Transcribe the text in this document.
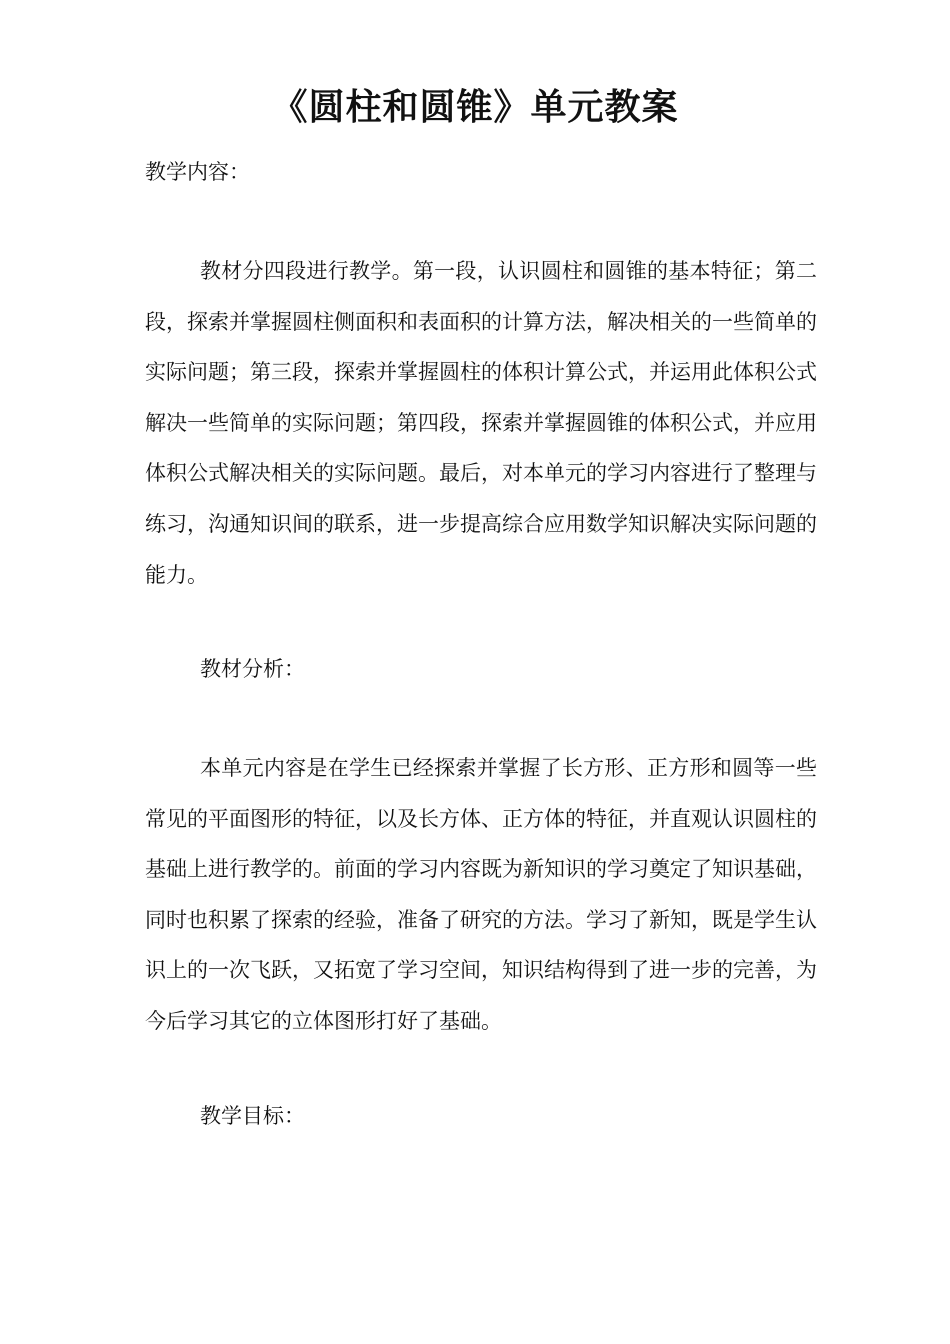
《圆柱和圆锥》单元教案
教学内容：

教材分四段进行教学。第一段，认识圆柱和圆锥的基本特征；第二段，探索并掌握圆柱侧面积和表面积的计算方法，解决相关的一些简单的实际问题；第三段，探索并掌握圆柱的体积计算公式，并运用此体积公式解决一些简单的实际问题；第四段，探索并掌握圆锥的体积公式，并应用体积公式解决相关的实际问题。最后，对本单元的学习内容进行了整理与练习，沟通知识间的联系，进一步提高综合应用数学知识解决实际问题的能力。

教材分析：

本单元内容是在学生已经探索并掌握了长方形、正方形和圆等一些常见的平面图形的特征，以及长方体、正方体的特征，并直观认识圆柱的基础上进行教学的。前面的学习内容既为新知识的学习奠定了知识基础，同时也积累了探索的经验，准备了研究的方法。学习了新知，既是学生认识上的一次飞跃，又拓宽了学习空间，知识结构得到了进一步的完善，为今后学习其它的立体图形打好了基础。

教学目标：
